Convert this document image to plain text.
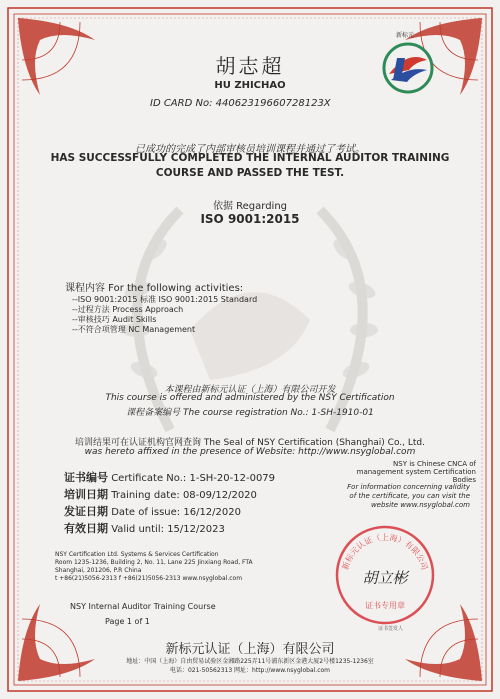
新标元
胡志超
HU ZHICHAO
ID CARD No: 44062319660728123X
已成功的完成了内部审核员培训课程并通过了考试。
HAS SUCCESSFULLY COMPLETED THE INTERNAL AUDITOR TRAINING
COURSE AND PASSED THE TEST.
依据 Regarding
ISO 9001:2015
课程内容 For the following activities:
--ISO 9001:2015 标准 ISO 9001:2015 Standard
--过程方法 Process Approach
--审核技巧 Audit Skills
--不符合项管理 NC Management
本课程由新标元认证（上海）有限公司开发
This course is offered and administered by the NSY Certification
课程备案编号 The course registration No.: 1-SH-1910-01
培训结果可在认证机构官网查询 The Seal of NSY Certification (Shanghai) Co., Ltd.
was hereto affixed in the presence of Website: http://www.nsyglobal.com
NSY is Chinese CNCA of management system Certification Bodies
证书编号 Certificate No.: 1-SH-20-12-0079
培训日期 Training date: 08-09/12/2020
发证日期 Date of issue: 16/12/2020
有效日期 Valid until: 15/12/2023
For information concerning validity of the certificate, you can visit the website www.nsyglobal.com
NSY Certification Ltd. Systems & Services Certification
Room 1235-1236, Building 2, No. 11, Lane 225 Jinxiang Road, FTA
Shanghai, 201206, P.R China
t +86(21)5056-2313 f +86(21)5056-2313 www.nsyglobal.com
新标元认证（上海）有限公司
胡立彬
证书专用章
证书签发人
NSY Internal Auditor Training Course
Page 1 of 1
新标元认证（上海）有限公司
地址：中国（上海）自由贸易试验区金湘路225弄11号浦东新区金港大厦2号楼1235-1236室
电话：021-50562313 网址：http://www.nsyglobal.com
